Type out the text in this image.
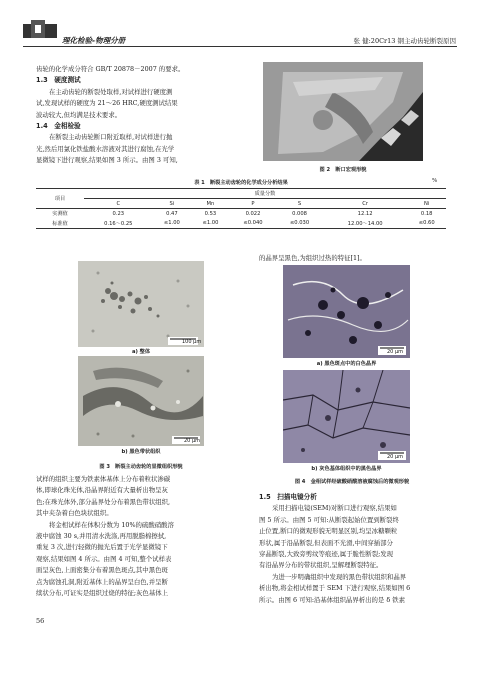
理化检验-物理分册	张 健:20Cr13 钢主动齿轮断裂原因
齿轮的化学成分符合 GB/T 20878－2007 的要求。
1.3　硬度测试
在主动齿轮的断裂处取样,对试样进行硬度测
试,发现试样的硬度为 21～26 HRC,硬度测试结果
波动较大,但均满足技术要求。
1.4　金相检验
在断裂主动齿轮断口附近取样,对试样进行抛
光,然后用氯化铁盐酸水溶液对其进行腐蚀,在光学
显微镜下进行观察,结果如图 3 所示。由图 3 可知,
图 2　断口宏观形貌
表 1　断裂主动齿轮的化学成分分析结果	%
项目	质量分数						
	C	Si	Mn	P	S	Cr	Ni
实测值	0.23	0.47	0.53	0.022	0.008	12.12	0.18
标准值	0.16～0.25	≤1.00	≤1.00	≤0.040	≤0.030	12.00～14.00	≤0.60
100 μm
a) 整体
20 μm
b) 黑色带状组织
图 3　断裂主动齿轮的显微组织形貌
试样的组织主要为铁素体基体上分布着粒状渗碳
体,即球化珠光体,沿晶界附近有大量析出物呈灰
色;在珠光体外,部分晶界处分布着黑色带状组织,
其中夹杂着白色块状组织。
将金相试样在体积分数为 10%的硫酸硝酸溶
液中腐蚀 30 s,并用清水洗涤,再用脱脂棉擦拭,
重复 3 次,进行轻微的抛光后置于光学显微镜下
观察,结果如图 4 所示。由图 4 可知,整个试样表
面呈灰色,上面密集分布着黑色斑点,其中黑色斑
点为腐蚀孔洞,附近基体上的晶界呈白色,并呈断
续状分布,可证实是组织过烧的特征;灰色基体上
56
的晶界呈黑色,为组织过热的特征[1]。
20 μm
a) 黑色斑点中的白色晶界
20 μm
b) 灰色基体组织中的黑色晶界
图 4　金相试样经硫酸硝酸溶液腐蚀后的微观形貌
1.5　扫描电镜分析
采用扫描电镜(SEM)对断口进行观察,结果如
图 5 所示。由图 5 可知:从断裂起始位置到断裂终
止位置,断口的微观形貌无明显区别,均呈冰糖颗粒
形状,属于沿晶断裂,但表面不光滑,中间穿插部分
穿晶断裂,大致旁剪纹等痕迹,属于脆性断裂;发现
有沿晶界分布的带状组织,呈解理断裂特征。
为进一步明确组织中发现的黑色带状组织和晶界
析出物,将金相试样置于 SEM 下进行观察,结果如图 6
所示。由图 6 可知:沿基体组织晶界析出的是 δ 铁素
